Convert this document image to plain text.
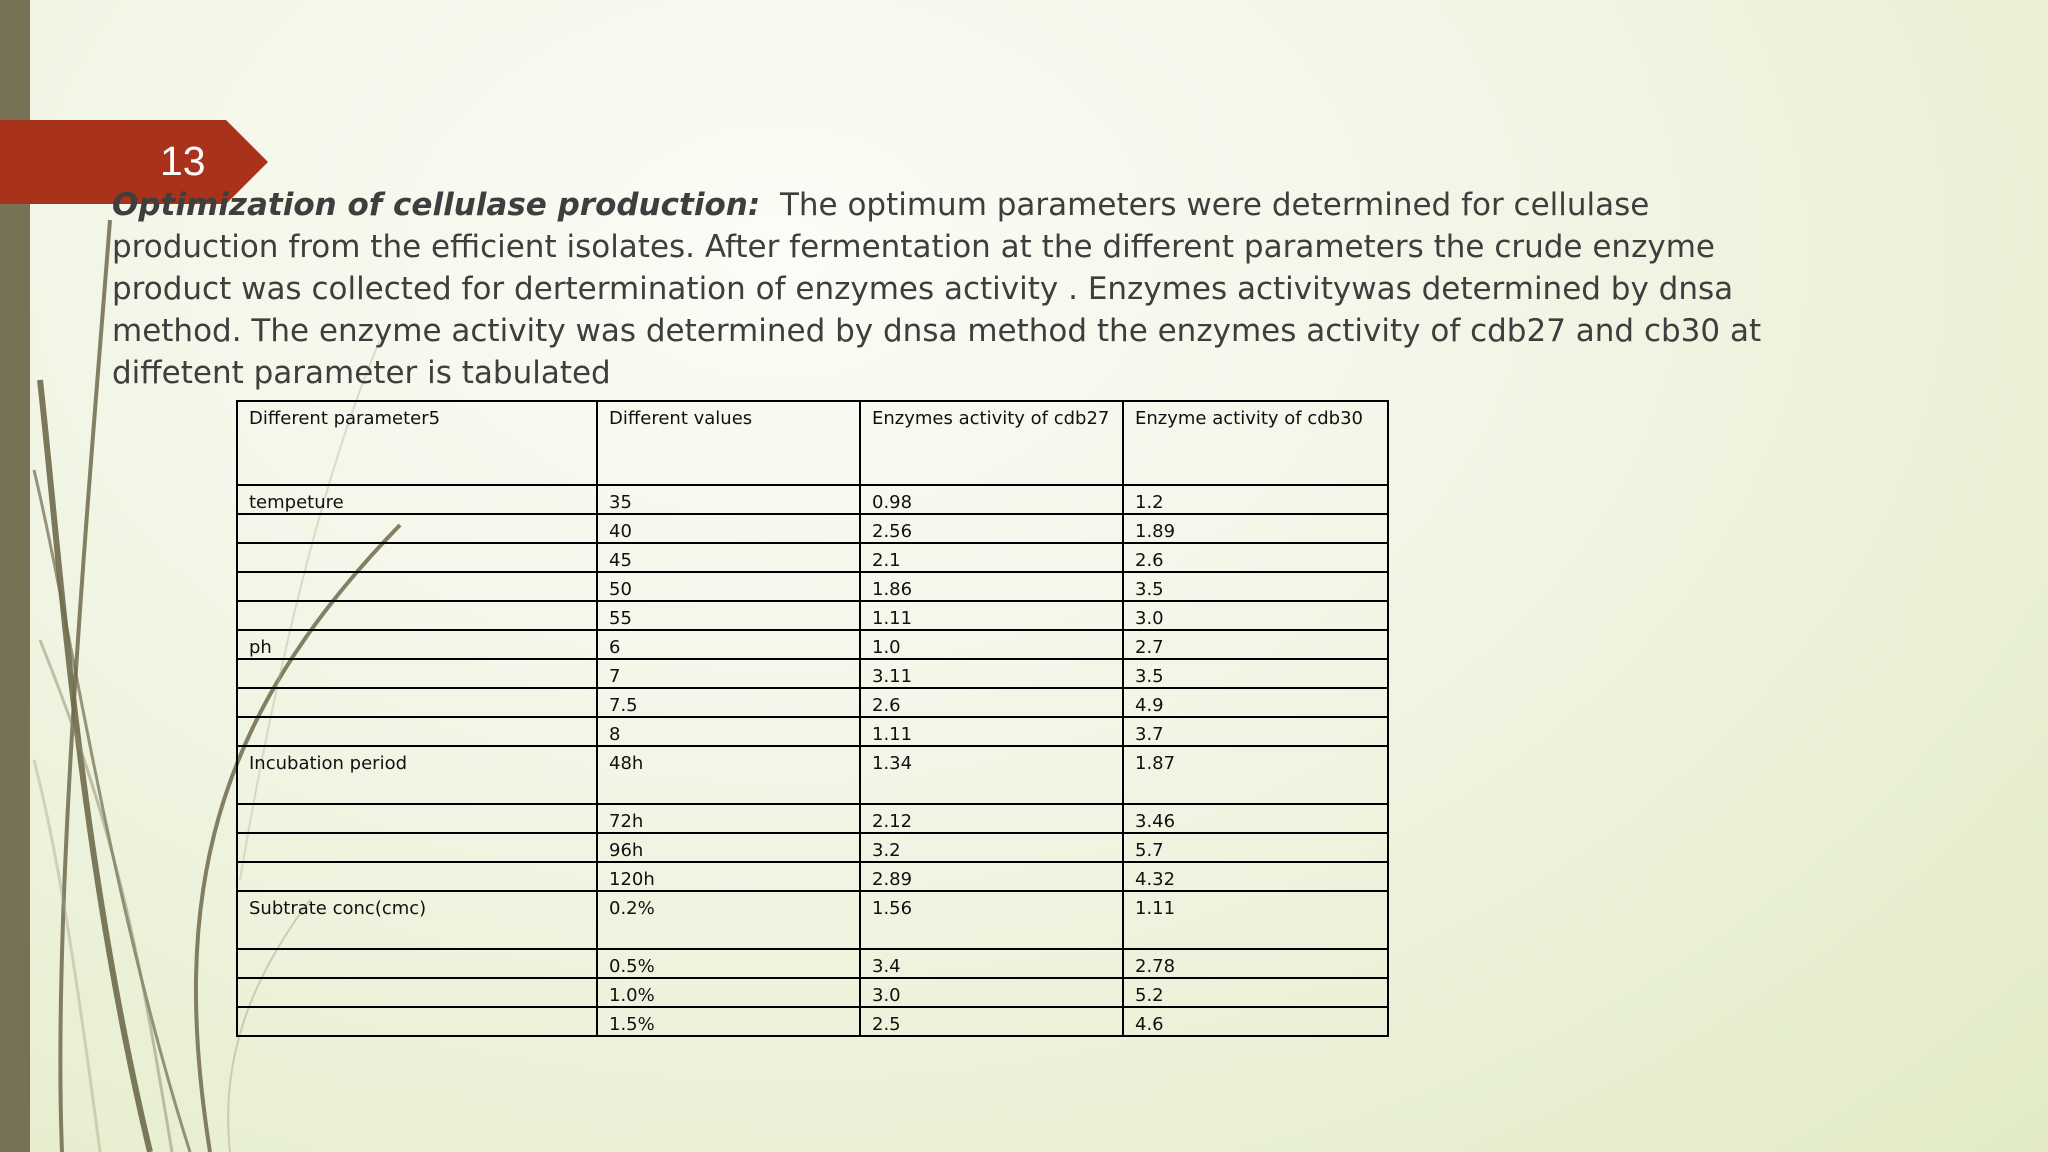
13

Optimization of cellulase production: The optimum parameters were determined for cellulase production from the efficient isolates. After fermentation at the different parameters the crude enzyme product was collected for dertermination of enzymes activity . Enzymes activitywas determined by dnsa method. The enzyme activity was determined by dnsa method the enzymes activity of cdb27 and cb30 at diffetent parameter is tabulated

Different parameter5	Different values	Enzymes activity of cdb27	Enzyme activity of cdb30
tempeture	35	0.98	1.2
	40	2.56	1.89
	45	2.1	2.6
	50	1.86	3.5
	55	1.11	3.0
ph	6	1.0	2.7
	7	3.11	3.5
	7.5	2.6	4.9
	8	1.11	3.7
Incubation period	48h	1.34	1.87
	72h	2.12	3.46
	96h	3.2	5.7
	120h	2.89	4.32
Subtrate conc(cmc)	0.2%	1.56	1.11
	0.5%	3.4	2.78
	1.0%	3.0	5.2
	1.5%	2.5	4.6
